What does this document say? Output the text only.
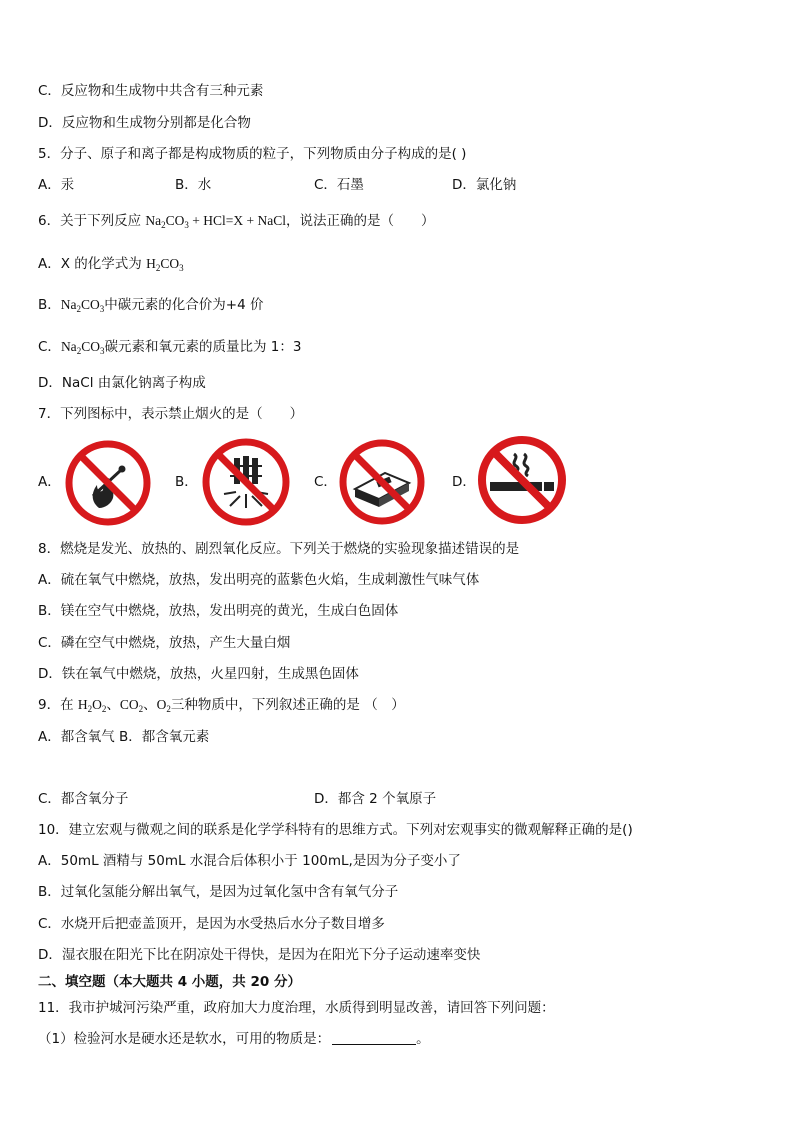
C．反应物和生成物中共含有三种元素
D．反应物和生成物分别都是化合物
5．分子、原子和离子都是构成物质的粒子，下列物质由分子构成的是( )
A．汞	B．水	C．石墨	D．氯化钠
6．关于下列反应 $Na_2CO_3 + HCl=X$ + NaCl，说法正确的是（　　）
A．X 的化学式为 $H_2CO_3$
B．$Na_2CO_3$中碳元素的化合价为+4 价
C．$Na_2CO_3$碳元素和氧元素的质量比为 1：3
D．NaCl 由氯化钠离子构成
7．下列图标中，表示禁止烟火的是（　　）
A．	B．	C．	D．
8．燃烧是发光、放热的、剧烈氧化反应。下列关于燃烧的实验现象描述错误的是
A．硫在氧气中燃烧，放热，发出明亮的蓝紫色火焰，生成刺激性气味气体
B．镁在空气中燃烧，放热，发出明亮的黄光，生成白色固体
C．磷在空气中燃烧，放热，产生大量白烟
D．铁在氧气中燃烧，放热，火星四射，生成黑色固体
9．在 $H_2O_2$、$CO_2$、$O_2$三种物质中，下列叙述正确的是 （　）
A．都含氧气 B．都含氧元素
C．都含氧分子	D．都含 2 个氧原子
10．建立宏观与微观之间的联系是化学学科特有的思维方式。下列对宏观事实的微观解释正确的是()
A．50mL 酒精与 50mL 水混合后体积小于 100mL,是因为分子变小了
B．过氧化氢能分解出氧气，是因为过氧化氢中含有氧气分子
C．水烧开后把壶盖顶开，是因为水受热后水分子数目增多
D．湿衣服在阳光下比在阴凉处干得快，是因为在阳光下分子运动速率变快
二、填空题（本大题共 4 小题，共 20 分）
11．我市护城河污染严重，政府加大力度治理，水质得到明显改善，请回答下列问题：
（1）检验河水是硬水还是软水，可用的物质是：	。
